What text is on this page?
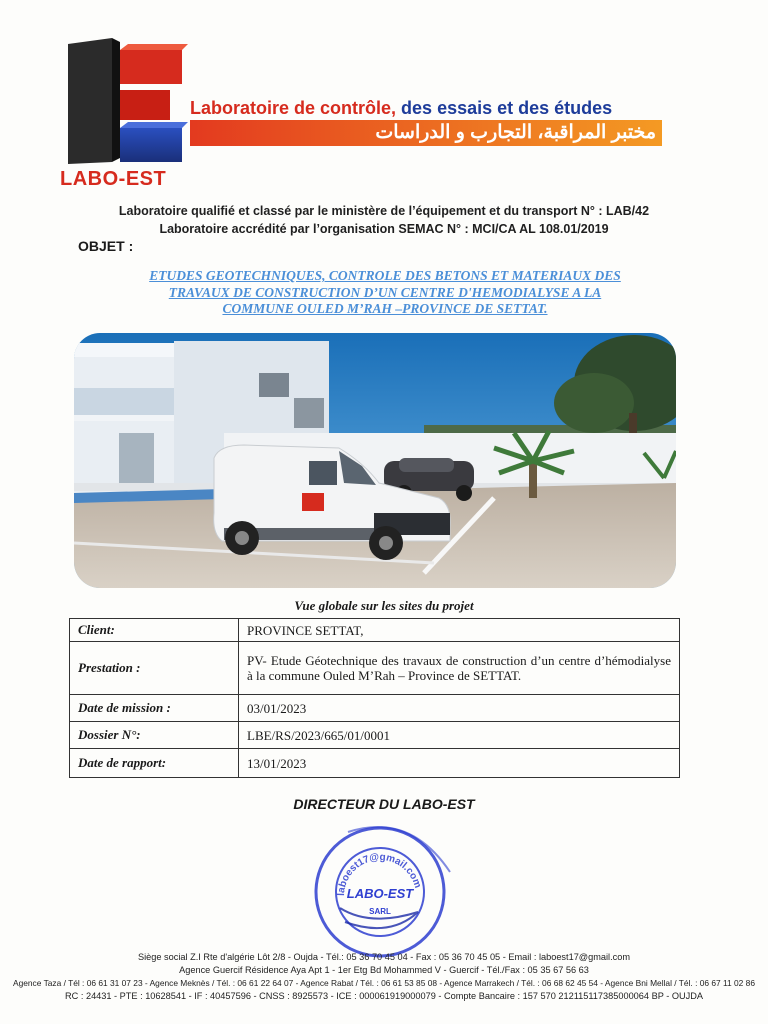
LABO-EST
Laboratoire de contrôle, des essais et des études
مختبر المراقبة، التجارب و الدراسات
Laboratoire qualifié et classé par le ministère de l’équipement et du transport N° : LAB/42
Laboratoire accrédité par l’organisation SEMAC N° : MCI/CA AL 108.01/2019
OBJET :
ETUDES GEOTECHNIQUES, CONTROLE DES BETONS ET MATERIAUX DES
TRAVAUX DE CONSTRUCTION D’UN CENTRE D'HEMODIALYSE A LA
COMMUNE OULED M’RAH –PROVINCE DE SETTAT.
Vue globale sur les sites du projet
Client:	PROVINCE SETTAT,
Prestation :	PV- Etude Géotechnique des travaux de construction d’un centre d’hémodialyse à la commune Ouled M’Rah – Province de SETTAT.
Date de mission :	03/01/2023
Dossier N°:	LBE/RS/2023/665/01/0001
Date de rapport:	13/01/2023
DIRECTEUR DU LABO-EST
laboest17@gmail.com
LABO-EST
SARL
Siège social Z.I Rte d'algérie Lôt 2/8 - Oujda - Tél.: 05 36 70 45 04 - Fax : 05 36 70 45 05 - Email : laboest17@gmail.com
Agence Guercif Résidence Aya Apt 1 - 1er Etg Bd Mohammed V - Guercif - Tél./Fax : 05 35 67 56 63
Agence Taza / Tél : 06 61 31 07 23 - Agence Meknès / Tél. : 06 61 22 64 07 - Agence Rabat / Tél. : 06 61 53 85 08 - Agence Marrakech / Tél. : 06 68 62 45 54 - Agence Bni Mellal / Tél. : 06 67 11 02 86
RC : 24431 - PTE : 10628541 - IF : 40457596 - CNSS : 8925573 - ICE : 000061919000079 - Compte Bancaire : 157 570 212115117385000064 BP - OUJDA
